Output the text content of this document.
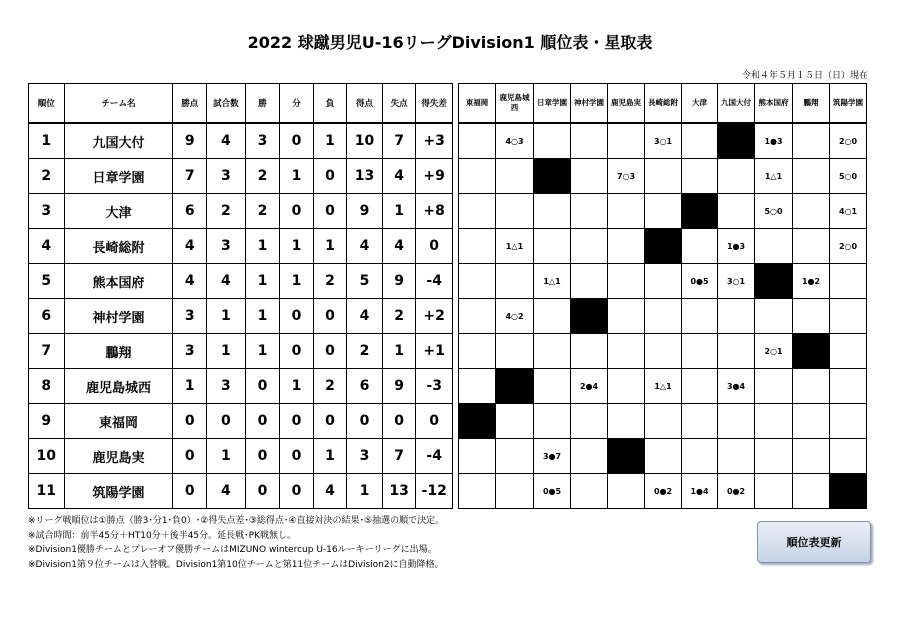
2022 球蹴男児U-16リーグDivision1 順位表・星取表
令和４年５月１５日（日）現在
順位	チーム名	勝点	試合数	勝	分	負	得点	失点	得失差
1	九国大付	9	4	3	0	1	10	7	+3
2	日章学園	7	3	2	1	0	13	4	+9
3	大津	6	2	2	0	0	9	1	+8
4	長崎総附	4	3	1	1	1	4	4	0
5	熊本国府	4	4	1	1	2	5	9	-4
6	神村学園	3	1	1	0	0	4	2	+2
7	鵬翔	3	1	1	0	0	2	1	+1
8	鹿児島城西	1	3	0	1	2	6	9	-3
9	東福岡	0	0	0	0	0	0	0	0
10	鹿児島実	0	1	0	0	1	3	7	-4
11	筑陽学園	0	4	0	0	4	1	13	-12
東福岡	鹿児島城西	日章学園	神村学園	鹿児島実	長崎総附	大津	九国大付	熊本国府	鵬翔	筑陽学園
	4○3				3○1			1●3		2○0
				7○3				1△1		5○0
								5○0		4○1
	1△1						1●3			2○0
		1△1				0●5	3○1		1●2	
	4○2									
								2○1		
			2●4		1△1		3●4			

		3●7								
		0●5			0●2	1●4	0●2			
※リーグ戦順位は①勝点（勝3･分1･負0）･②得失点差･③総得点･④直接対決の結果･⑤抽選の順で決定。
※試合時間：前半45分＋HT10分＋後半45分。延長戦･PK戦無し。
※Division1優勝チームとプレーオフ優勝チームはMIZUNO wintercup U-16ルーキーリーグに出場。
※Division1第９位チームは入替戦。Division1第10位チームと第11位チームはDivision2に自動降格。
順位表更新
